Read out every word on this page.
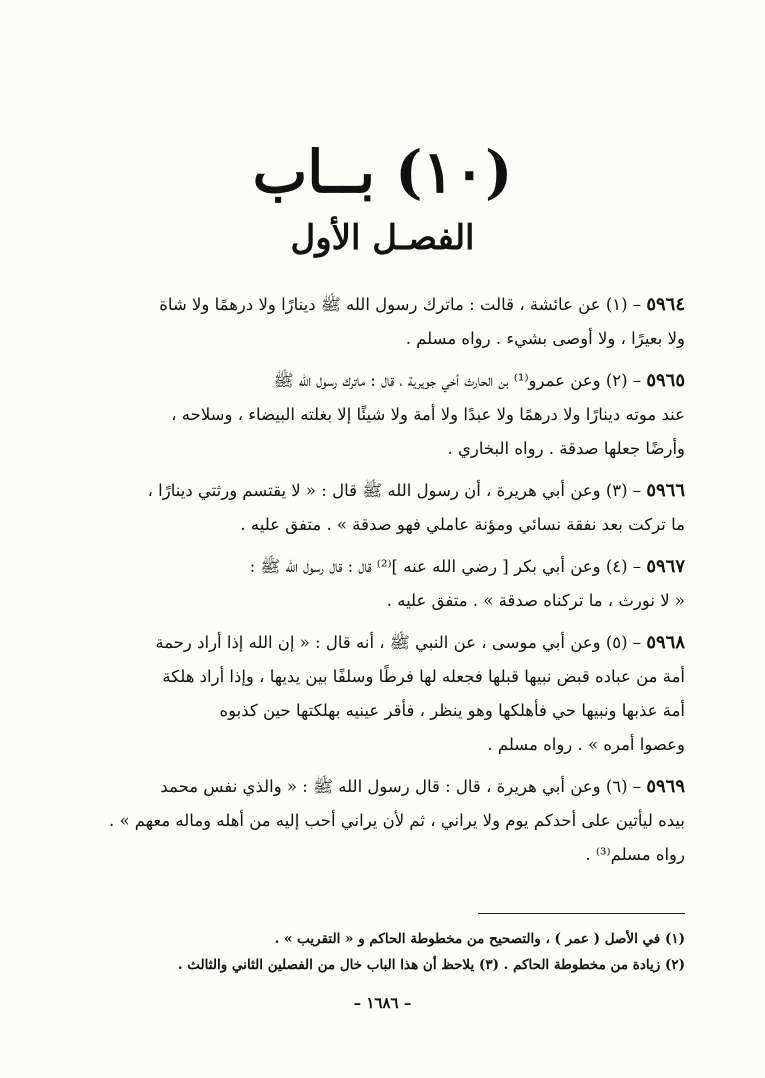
(١٠) بــاب
الفصـل الأول

٥٩٦٤ – (١) عن عائشة ، قالت : ماترك رسول الله ﷺ دينارًا ولا درهمًا ولا شاة

ولا بعيرًا ، ولا أوصى بشيء . رواه مسلم .

٥٩٦٥ – (٢) وعن عمرو⁽¹⁾ بن الحارث أخي جويرية ، قال : ماترك رسول الله ﷺ

عند موته دينارًا ولا درهمًا ولا عبدًا ولا أمة ولا شيئًا إلا بغلته البيضاء ، وسلاحه ،

وأرضًا جعلها صدقة . رواه البخاري .

٥٩٦٦ – (٣) وعن أبي هريرة ، أن رسول الله ﷺ قال : « لا يقتسم ورثتي دينارًا ،

ما تركت بعد نفقة نسائي ومؤنة عاملي فهو صدقة » . متفق عليه .

٥٩٦٧ – (٤) وعن أبي بكر [ رضي الله عنه ]⁽²⁾ قال : قال رسول الله ﷺ :

« لا نورث ، ما تركناه صدقة » . متفق عليه .

٥٩٦٨ – (٥) وعن أبي موسى ، عن النبي ﷺ ، أنه قال : « إن الله إذا أراد رحمة

أمة من عباده قبض نبيها قبلها فجعله لها فرطًا وسلفًا بين يديها ، وإذا أراد هلكة

أمة عذبها ونبيها حي فأهلكها وهو ينظر ، فأقر عينيه بهلكتها حين كذبوه

وعصوا أمره » . رواه مسلم .

٥٩٦٩ – (٦) وعن أبي هريرة ، قال : قال رسول الله ﷺ : « والذي نفس محمد

بيده ليأتين على أحدكم يوم ولا يراني ، ثم لأن يراني أحب إليه من أهله وماله معهم » .

رواه مسلم⁽³⁾ .

(١) في الأصل ( عمر ) ، والتصحيح من مخطوطة الحاكم و « التقريب » .

(٢) زيادة من مخطوطة الحاكم . (٣) يلاحظ أن هذا الباب خال من الفصلين الثاني والثالث .

– ١٦٨٦ –
